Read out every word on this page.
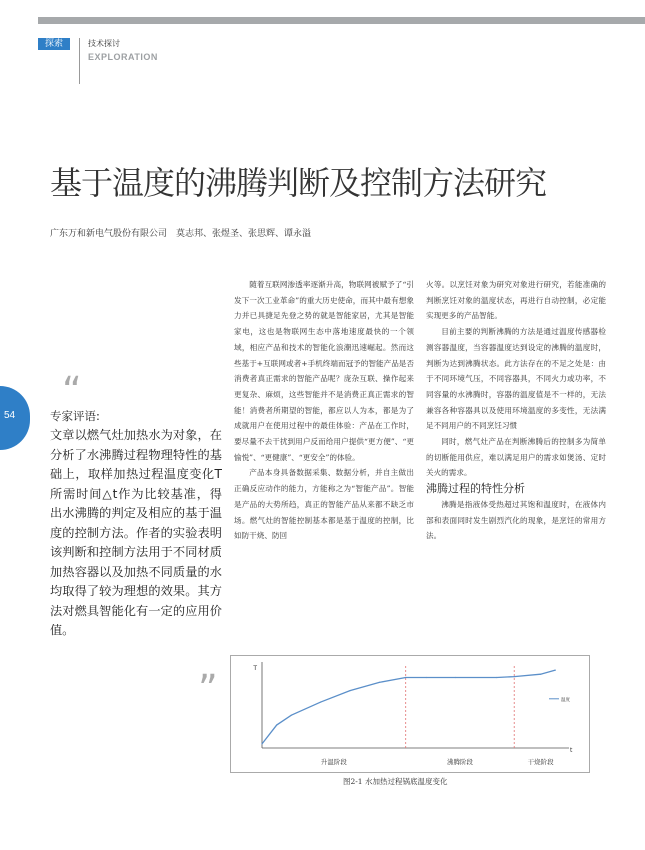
探索	技术探讨
EXPLORATION
基于温度的沸腾判断及控制方法研究
广东万和新电气股份有限公司　莫志邦、张煜圣、张思辉、谭永溢
54
“
专家评语:
文章以燃气灶加热水为对象，在分析了水沸腾过程物理特性的基础上，取样加热过程温度变化T所需时间△t作为比较基准，得出水沸腾的判定及相应的基于温度的控制方法。作者的实验表明该判断和控制方法用于不同材质加热容器以及加热不同质量的水均取得了较为理想的效果。其方法对燃具智能化有一定的应用价值。
”

随着互联网渗透率逐渐升高，物联网被赋予了“引发下一次工业革命”的重大历史使命，而其中最有想象力并已具捷足先登之势的就是智能家居，尤其是智能家电，这也是物联网生态中落地速度最快的一个领域，相应产品和技术的智能化浪潮迅速崛起。然而这些基于+互联网或者+手机终端而冠予的智能产品是否消费者真正需求的智能产品呢？庞杂互联、操作起来更复杂、麻烦，这些智能并不是消费正真正需求的智能！消费者所期望的智能，都应以人为本，都是为了成就用户在使用过程中的最佳体验：产品在工作时，要尽量不去干扰到用户反而给用户提供“更方便”、“更愉悦”、“更健康”、“更安全”的体验。

产品本身具备数据采集、数据分析，并自主做出正确反应动作的能力，方能称之为“智能产品”。智能是产品的大势所趋，真正的智能产品从来都不缺乏市场。燃气灶的智能控制基本都是基于温度的控制，比如防干烧、防回

火等。以烹饪对象为研究对象进行研究，若能准确的判断烹饪对象的温度状态，再进行自动控制，必定能实现更多的产品智能。

目前主要的判断沸腾的方法是通过温度传感器检测容器温度，当容器温度达到设定的沸腾的温度时，判断为达到沸腾状态。此方法存在的不足之处是：由于不同环境气压，不同容器具，不同火力或功率，不同容量的水沸腾时，容器的温度值是不一样的，无法兼容各种容器具以及使用环境温度的多变性，无法满足不同用户的不同烹饪习惯

同时，燃气灶产品在判断沸腾后的控制多为简单的切断能用供应，难以满足用户的需求如煲汤、定时关火的需求。

沸腾过程的特性分析

沸腾是指液体受热超过其饱和温度时，在液体内部和表面同时发生剧烈汽化的现象，是烹饪的常用方法。

T
t
温度
升温阶段	沸腾阶段	干烧阶段
图2-1 水加热过程锅底温度变化
